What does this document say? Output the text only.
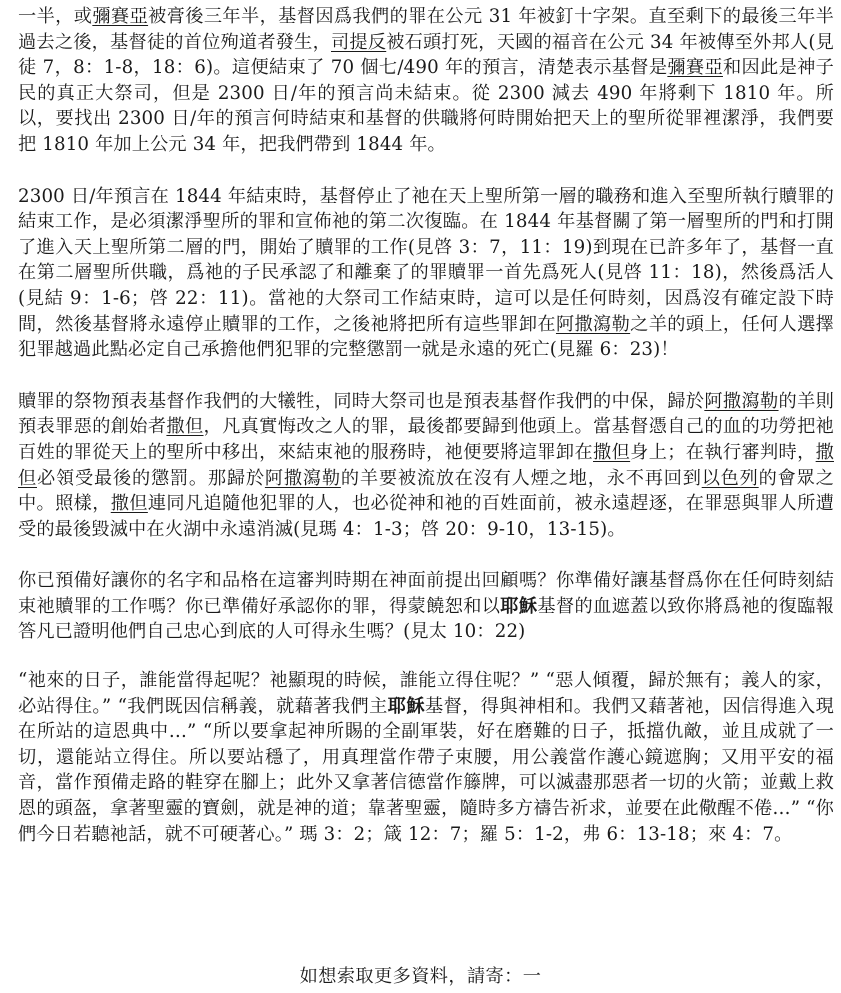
一半，或彌賽亞被膏後三年半，基督因爲我們的罪在公元 31 年被釘十字架。直至剩下的最後三年半過去之後，基督徒的首位殉道者發生，司提反被石頭打死，天國的福音在公元 34 年被傳至外邦人(見徒 7，8：1-8，18：6)。這便結束了 70 個七/490 年的預言，清楚表示基督是彌賽亞和因此是神子民的真正大祭司，但是 2300 日/年的預言尚未結束。從 2300 減去 490 年將剩下 1810 年。所以，要找出 2300 日/年的預言何時結束和基督的供職將何時開始把天上的聖所從罪裡潔淨，我們要把 1810 年加上公元 34 年，把我們帶到 1844 年。

2300 日/年預言在 1844 年結束時，基督停止了祂在天上聖所第一層的職務和進入至聖所執行贖罪的結束工作，是必須潔淨聖所的罪和宣佈祂的第二次復臨。在 1844 年基督關了第一層聖所的門和打開了進入天上聖所第二層的門，開始了贖罪的工作(見啓 3：7，11：19)到現在已許多年了，基督一直在第二層聖所供職，爲祂的子民承認了和離棄了的罪贖罪一首先爲死人(見啓 11：18)，然後爲活人(見結 9：1-6；啓 22：11)。當祂的大祭司工作結束時，這可以是任何時刻，因爲沒有確定設下時間，然後基督將永遠停止贖罪的工作，之後祂將把所有這些罪卸在阿撒瀉勒之羊的頭上，任何人選擇犯罪越過此點必定自己承擔他們犯罪的完整懲罰一就是永遠的死亡(見羅 6：23)！

贖罪的祭物預表基督作我們的大犧牲，同時大祭司也是預表基督作我們的中保，歸於阿撒瀉勒的羊則預表罪惡的創始者撒但，凡真實悔改之人的罪，最後都要歸到他頭上。當基督憑自己的血的功勞把祂百姓的罪從天上的聖所中移出，來結束祂的服務時，祂便要將這罪卸在撒但身上；在執行審判時，撒但必領受最後的懲罰。那歸於阿撒瀉勒的羊要被流放在沒有人煙之地，永不再回到以色列的會眾之中。照樣，撒但連同凡追隨他犯罪的人，也必從神和祂的百姓面前，被永遠趕逐，在罪惡與罪人所遭受的最後毀滅中在火湖中永遠消滅(見瑪 4：1-3；啓 20：9-10，13-15)。

你已預備好讓你的名字和品格在這審判時期在神面前提出回顧嗎？你準備好讓基督爲你在任何時刻結束祂贖罪的工作嗎？你已準備好承認你的罪，得蒙饒恕和以耶穌基督的血遮蓋以致你將爲祂的復臨報答凡已證明他們自己忠心到底的人可得永生嗎？(見太 10：22)

“祂來的日子，誰能當得起呢？祂顯現的時候，誰能立得住呢？” “惡人傾覆，歸於無有；義人的家，必站得住。” “我們既因信稱義，就藉著我們主耶穌基督，得與神相和。我們又藉著祂，因信得進入現在所站的這恩典中…” “所以要拿起神所賜的全副軍裝，好在磨難的日子，抵擋仇敵，並且成就了一切，還能站立得住。所以要站穩了，用真理當作帶子束腰，用公義當作護心鏡遮胸；又用平安的福音，當作預備走路的鞋穿在腳上；此外又拿著信德當作籐牌，可以滅盡那惡者一切的火箭；並戴上救恩的頭盔，拿著聖靈的寶劍，就是神的道；靠著聖靈，隨時多方禱告祈求，並要在此儆醒不倦…” “你們今日若聽祂話，就不可硬著心。” 瑪 3：2；箴 12：7；羅 5：1-2，弗 6：13-18；來 4：7。

如想索取更多資料，請寄：一
